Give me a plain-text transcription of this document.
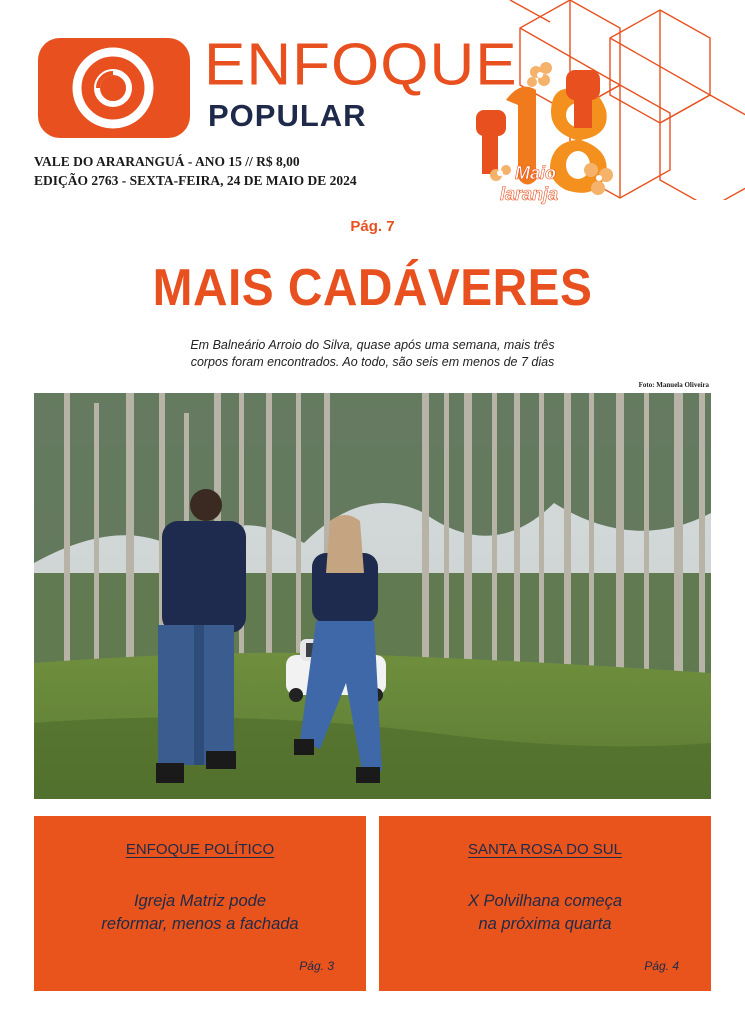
ENFOQUE
POPULAR
VALE DO ARARANGUÁ - ANO 15 // R$ 8,00
EDIÇÃO 2763 - SEXTA-FEIRA, 24 DE MAIO DE 2024	Maio
laranja
Pág. 7
MAIS CADÁVERES
Em Balneário Arroio do Silva, quase após uma semana, mais três
corpos foram encontrados. Ao todo, são seis em menos de 7 dias
Foto: Manuela Oliveira
ENFOQUE POLÍTICO
Igreja Matriz pode
reformar, menos a fachada
Pág. 3
SANTA ROSA DO SUL
X Polvilhana começa
na próxima quarta
Pág. 4
